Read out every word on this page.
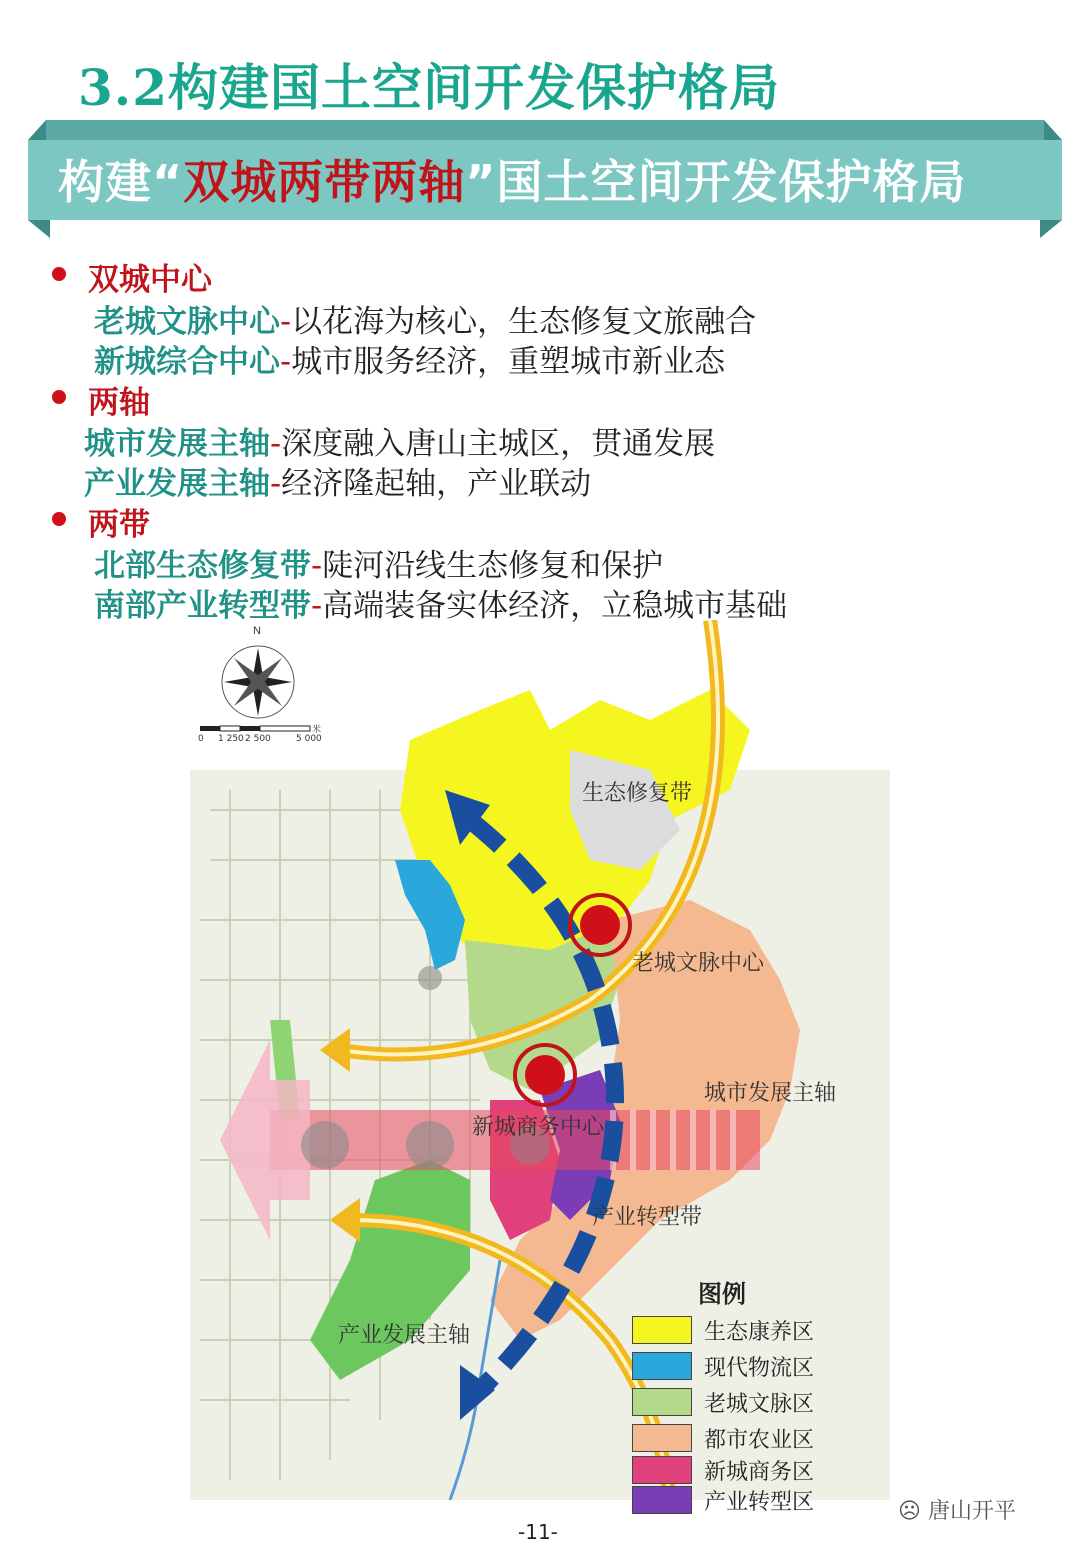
3.2构建国土空间开发保护格局
构建“双城两带两轴”国土空间开发保护格局
双城中心
老城文脉中心-以花海为核心，生态修复文旅融合
新城综合中心-城市服务经济，重塑城市新业态
两轴
城市发展主轴-深度融入唐山主城区，贯通发展
产业发展主轴-经济隆起轴，产业联动
两带
北部生态修复带-陡河沿线生态修复和保护
南部产业转型带-高端装备实体经济，立稳城市基础
N
0 1 250 2 500	5 000
米
生态修复带
老城文脉中心
城市发展主轴
新城商务中心
产业转型带
产业发展主轴
图例
生态康养区
现代物流区
老城文脉区
都市农业区
新城商务区
产业转型区	☹ 唐山开平
-11-
